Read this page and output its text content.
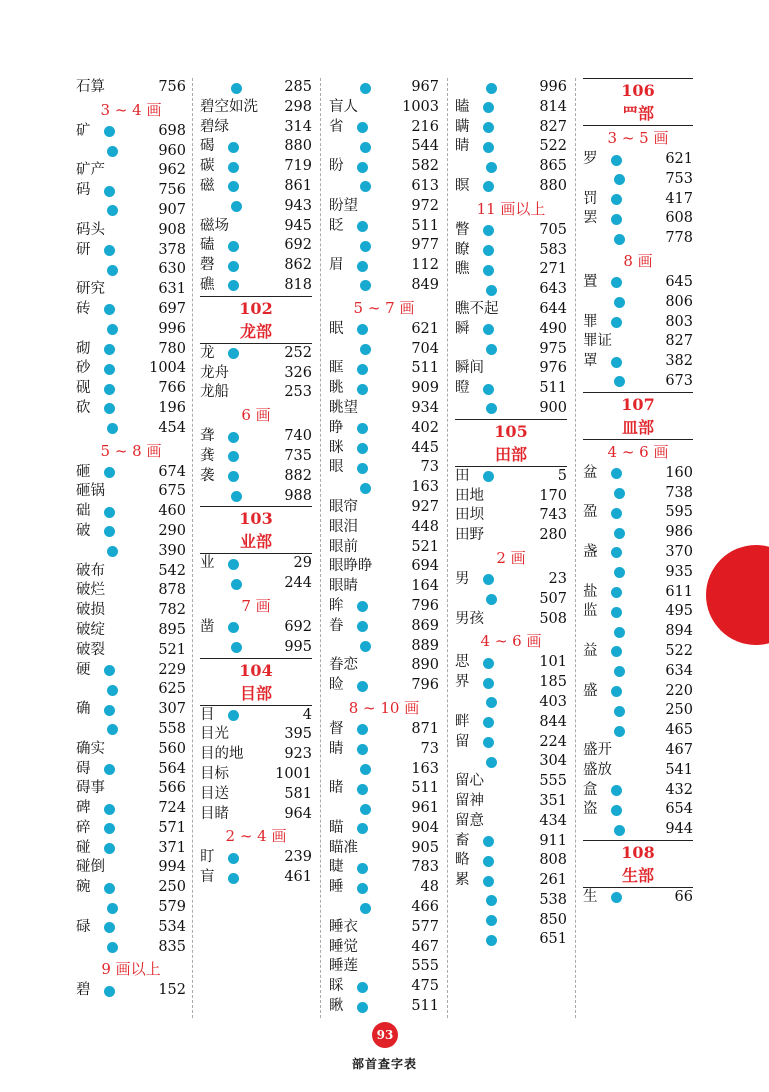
石算	756
3 ~ 4 画
矿	698
960
矿产	962
码	756
907
码头	908
研	378
630
研究	631
砖	697
996
砌	780
砂	1004
砚	766
砍	196
454
5 ~ 8 画
砸	674
砸锅	675
础	460
破	290
390
破布	542
破烂	878
破损	782
破绽	895
破裂	521
硬	229
625
确	307
558
确实	560
碍	564
碍事	566
碑	724
碎	571
碰	371
碰倒	994
碗	250
579
碌	534
835
9 画以上
碧	152
285
碧空如洗 298
碧绿	314
碣	880
碳	719
磁	861
943
磁场	945
磕	692
磬	862
礁	818
102
龙部
龙	252
龙舟	326
龙船	253
6 画
聋	740
龚	735
袭	882
988
103
业部
业	29
244
7 画
凿	692
995
104
目部
目	4
目光	395
目的地	923
目标	1001
目送	581
目睹	964
2 ~ 4 画
盯	239
盲	461
967
盲人	1003
省	216
544
盼	582
613
盼望	972
眨	511
977
眉	112
849
5 ~ 7 画
眠	621
704
眶	511
眺	909
眺望	934
睁	402
眯	445
眼	73
163
眼帘	927
眼泪	448
眼前	521
眼睁睁	694
眼睛	164
眸	796
眷	869
889
眷恋	890
睑	796
8 ~ 10 画
督	871
睛	73
163
睹	511
961
瞄	904
瞄准	905
睫	783
睡	48
466
睡衣	577
睡觉	467
睡莲	555
睬	475
瞅	511
996
瞌	814
瞒	827
睛	522
865
瞑	880
11 画以上
瞥	705
瞭	583
瞧	271
643
瞧不起	644
瞬	490
975
瞬间	976
瞪	511
900
105
田部
田	5
田地	170
田坝	743
田野	280
2 画
男	23
507
男孩	508
4 ~ 6 画
思	101
界	185
403
畔	844
留	224
304
留心	555
留神	351
留意	434
畜	911
略	808
累	261
538
850
651
106
罒部
3 ~ 5 画
罗	621
753
罚	417
罢	608
778
8 画
置	645
806
罪	803
罪证	827
罩	382
673
107
皿部
4 ~ 6 画
盆	160
738
盈	595
986
盏	370
935
盐	611
监	495
894
益	522
634
盛	220
250
465
盛开	467
盛放	541
盒	432
盗	654
944
108
生部
生	66
93
部首查字表
